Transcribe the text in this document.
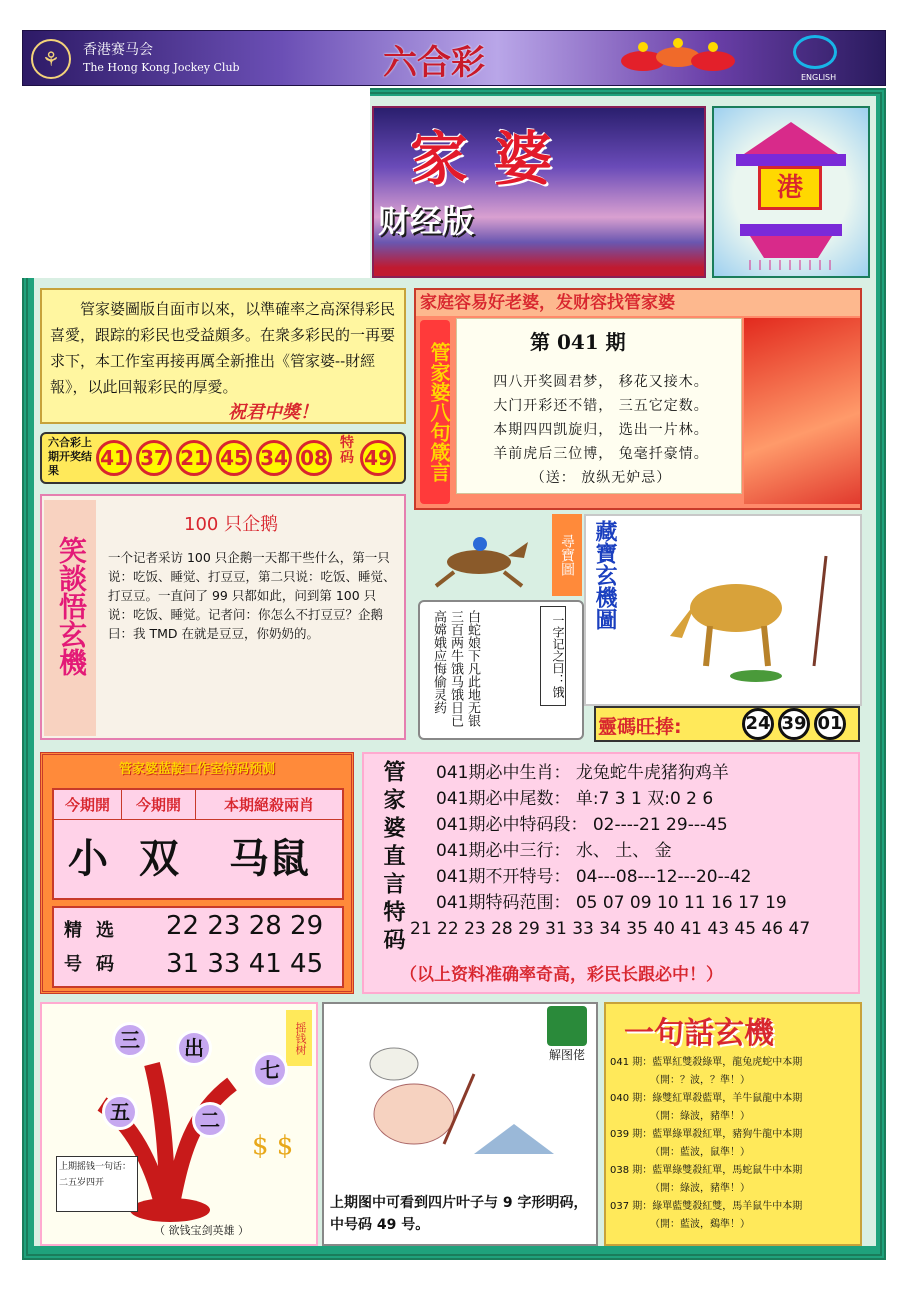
⚘	香港赛马会
The Hong Kong Jockey Club	六合彩	ENGLISH
家婆
财经版
港
管家婆圖版自面市以來，以準確率之高深得彩民喜愛，跟踪的彩民也受益頗多。在衆多彩民的一再要求下，本工作室再接再厲全新推出《管家婆--財經報》，以此回報彩民的厚愛。
祝君中獎！
六合彩上期开奖结果
41 37 21 45 34 08
特码 49
家庭容易好老婆，发财容找管家婆
管家婆八句箴言	第 041 期
四八开奖圆君梦， 移花又接木。
大门开彩还不错， 三五它定数。
本期四四凯旋归， 选出一片林。
羊前虎后三位博， 兔毫扦豪情。
（送： 放纵无妒忌）
笑談悟玄機
100 只企鹅
一个记者采访 100 只企鹅一天都干些什么，第一只说：吃饭、睡觉、打豆豆，第二只说：吃饭、睡觉、打豆豆。一直问了 99 只都如此，问到第 100 只说：吃饭、睡觉。记者问：你怎么不打豆豆？企鹅曰：我 TMD 在就是豆豆，你奶奶的。	白蛇娘下凡此地无银三百两牛饿马饿日已高嫦娥应悔偷灵药	一字记之曰：饿
尋寶圖 藏寶玄機圖
靈碼旺捧:	24 39 01
管家婆蓝靛工作室特码预测
今期開	今期開	本期絕殺兩肖
小 双	马鼠
精选号码
22 23 28 29
31 33 41 45
管家婆直言特码	041期必中生肖： 龙兔蛇牛虎猪狗鸡羊
041期必中尾数： 单:7 3 1 双:0 2 6
041期必中特码段： 02----21 29---45
041期必中三行： 水、 土、 金
041期不开特号： 04---08---12---20--42
041期特码范围： 05 07 09 10 11 16 17 19
21 22 23 28 29 31 33 34 35 40 41 43 45 46 47
（以上资料准确率奇高，彩民长跟必中！）
$ $
摇钱树
三	出
七
五	二
上期摇钱一句话：二五岁四开
（ 欲钱宝剑英雄 ）
解图佬
上期图中可看到四片叶子与 9 字形明码，中号码 49 号。
一句話玄機
041 期：藍單紅雙殺綠單，龍兔虎蛇中本期
（開：？波，？準！）
040 期：綠雙紅單殺藍單，羊牛鼠龍中本期
（開：綠波，豬準！）
039 期：藍單綠單殺紅單，豬狗牛龍中本期
（開：藍波，鼠準！）
038 期：藍單綠雙殺紅單，馬蛇鼠牛中本期
（開：綠波，豬準！）
037 期：綠單藍雙殺紅雙，馬羊鼠牛中本期
（開：藍波，鷄準！）
